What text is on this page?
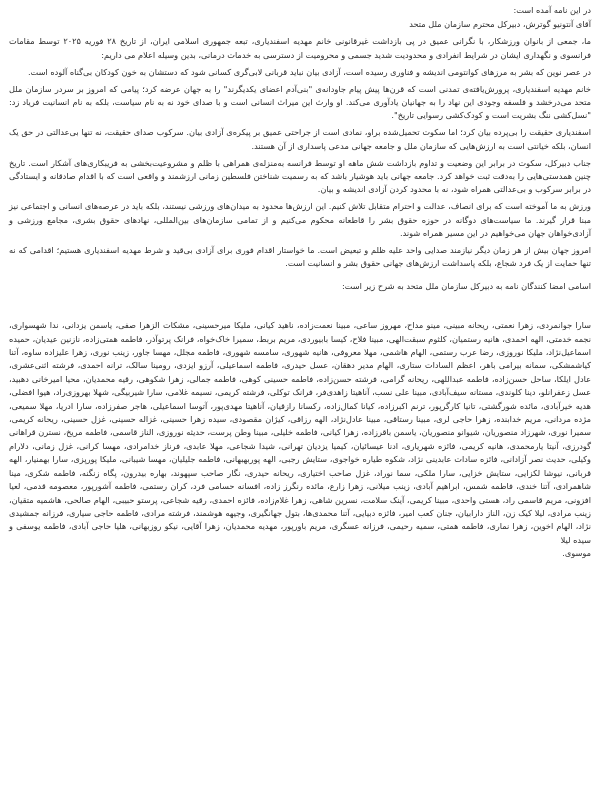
در این نامه آمده است:

آقای آنتونیو گوترش، دبیرکل محترم سازمان ملل متحد

ما، جمعی از بانوان ورزشکار، با نگرانی عمیق در پی بازداشت غیرقانونی خانم مهدیه اسفندیاری، تبعه جمهوری اسلامی ایران، از تاریخ ۲۸ فوریه ۲۰۲۵ توسط مقامات فرانسوی و نگهداری ایشان در شرایط انفرادی و محدودیت شدید جسمی و محرومیت از دسترسی به خدمات درمانی، بدین وسیله اعلام می داریم:

در عصر نوین که بشر به مرزهای کوانتومی اندیشه و فناوری رسیده است، آزادی بیان نباید قربانی لابی‌گری کسانی شود که دستشان به خون کودکان بی‌گناه آلوده است.

خانم مهدیه اسفندیاری، پرورش‌یافته‌ی تمدنی است که قرن‌ها پیش پیام جاودانه‌ی "بنی‌آدم اعضای یکدیگرند" را به جهان عرضه کرد؛ پیامی که امروز بر سردر سازمان ملل متحد می‌درخشد و فلسفه وجودی این نهاد را به جهانیان یادآوری می‌کند. او وارث این میراث انسانی است و با صدای خود نه به نام سیاست، بلکه به نام انسانیت فریاد زد: "نسل‌کشی ننگ بشریت است و کودک‌کشی رسوایی تاریخ".

اسفندیاری حقیقت را بی‌پرده بیان کرد؛ اما سکوت تحمیل‌شده براو، نمادی است از جراحتی عمیق بر پیکره‌ی آزادی بیان. سرکوب صدای حقیقت، نه تنها بی‌عدالتی در حق یک انسان، بلکه خیانتی است به ارزش‌هایی که سازمان ملل و جامعه جهانی مدعی پاسداری از آن هستند.

جناب دبیرکل، سکوت در برابر این وضعیت و تداوم بازداشت شش ماهه او توسط فرانسه به‌منزله‌ی همراهی با ظلم و مشروعیت‌بخشی به فریبکاری‌های آشکار است. تاریخ چنین همدستی‌هایی را به‌دقت ثبت خواهد کرد. جامعه جهانی باید هوشیار باشد که به رسمیت شناختن فلسطین زمانی ارزشمند و واقعی است که با اقدام صادقانه و ایستادگی در برابر سرکوب و بی‌عدالتی همراه شود، نه با محدود کردن آزادی اندیشه و بیان.

ورزش به ما آموخته است که برای انصاف، عدالت و احترام متقابل تلاش کنیم. این ارزش‌ها محدود به میدان‌های ورزشی نیستند، بلکه باید در عرصه‌های انسانی و اجتماعی نیز مبنا قرار گیرند. ما سیاست‌های دوگانه در حوزه حقوق بشر را قاطعانه محکوم می‌کنیم و از تمامی سازمان‌های بین‌المللی، نهادهای حقوق بشری، مجامع ورزشی و آزادی‌خواهان جهان می‌خواهیم در این مسیر همراه شوند.

امروز جهان بیش از هر زمان دیگر نیازمند صدایی واحد علیه ظلم و تبعیض است. ما خواستار اقدام فوری برای آزادی بی‌قید و شرط مهدیه اسفندیاری هستیم؛ اقدامی که نه تنها حمایت از یک فرد شجاع، بلکه پاسداشت ارزش‌های جهانی حقوق بشر و انسانیت است.

اسامی امضا کنندگان نامه به دبیرکل سازمان ملل متحد به شرح زیر است:

سارا جوانمردی، زهرا نعمتی، ریحانه مبینی، مینو مداح، مهروز ساعی، مبینا نعمت‌زاده، ناهید کیانی، ملیکا میرحسینی، مشکات الزهرا صفی، یاسمن یزدانی، ندا شهسواری، نجمه خدمتی، الهه احمدی، هانیه رستمیان، کلثوم سبقت‌الهی، مبینا فلاح، کیسا بابیوردی، مریم بربط، سمیرا خاک‌خواه، فرانک پرتوآذر، فاطمه همتی‌زاده، نازنین عیدیان، حمیده اسماعیل‌نژاد، ملیکا نوروزی، رضا عرب رستمی، الهام هاشمی، مهلا معروفی، هانیه شهوری، سامسه شهوری، فاطمه مجلل، مهسا جاور، زینب نوری، زهرا علیزاده ساوه، آتنا کیاشمشکی، سمانه بیرامی باهر، اعظم السادات ستاری، الهام مدیر دهقان، عسل حیدری، فاطمه اسماعیلی، آرزو ایزدی، رومینا سالک، ترانه احمدی، فرشته اثنی‌عشری، عادل ایلکا، ساحل حسن‌زاده، فاطمه عبداللهی، ریحانه گرامی، فرشته حسن‌زاده، فاطمه حسینی کوهی، فاطمه جمالی، زهرا شکوهی، رقیه محمدیان، محیا امیرخانی دهبید، عسل زعفرانلو، دینا کلوندی، مستانه سیف‌آبادی، مبینا علی نسب، آناهیتا زاهدی‌فر، فرانک توکلی، فرشته کریمی، نسیمه غلامی، سارا شیربیگی، شهلا بهروزی‌راد، هیوا افضلی، هدیه خیرآبادی، مائده شورگشتی، تانیا کارگرپور، ترنم اکبرزاده، کیانا کمال‌زاده، رکسانا رازقیان، آناهیتا مهدی‌پور، آتوسا اسماعیلی، هاجر صفرزاده، سارا ادریا، مهلا سمیعی، مژده مردانی، مریم خدابنده، زهرا حاجی لری، مبینا رستاقی، مبینا عادل‌نژاد، الهه رزاقی، کیژان مقصودی، سیده زهرا حسینی، غزاله حسینی، غزل حسینی، ریحانه کریمی، سمیرا نوری، شهرزاد منصوریان، شیوانو منصوریان، یاسمن باقرزاده، زهرا کیانی، فاطمه خلیلی، مبینا وطن پرست، حدیثه نوروزی، الناز قاسمی، فاطمه مریخ، نسترن قراهانی گودرزی، آنیتا یارمحمدی، هانیه کریمی، فائزه شهریاری، ادنا عیسائیان، کیمیا یزدیان تهرانی، شیدا شجاعی، مهلا عابدی، فرناز خدامرادی، مهسا کرانی، غزل زمانی، دلارام وکیلی، حدیث نصر آزادانی، فائزه سادات عابدینی نژاد، شکوه طیاره خواجوی، ستایش رجبی، الهه پوربهبهانی، فاطمه جلیلیان، مهسا شیبانی، ملیکا پورپزی، سارا بهمنیار، الهه قربانی، نیوشا لکزایی، ستایش خزایی، سارا ملکی، سما نوراد، غزل صاحب اختیاری، ریحانه حیدری، نگار صاحب سپهوند، بهاره بیدرون، پگاه زنگنه، فاطمه شکری، مینا شاهمرادی، آتنا خندی، فاطمه شمس، ابراهیم آبادی، زینب میلانی، زهرا زارع، مائده رنگرز زاده، افسانه حسامی فرد، کران رستمی، فاطمه آشورپور، معصومه قدمی، لعیا افزونی، مریم قاسمی راد، هستی واحدی، مبینا کریمی، آینک سلامت، نسرین شاهی، زهرا غلام‌زاده، فائزه احمدی، رقیه شجاعی، پرستو حبیبی، الهام صالحی، هاشمیه متقیان، زینب مرادی، لیلا کیک زن، الناز دارابیان، جنان کعب امیر، فائزه دبیایی، آتنا محمدی‌ها، بتول جهانگیری، وجیهه هوشمند، فرشته مرادی، فاطمه حاجی سیاری، فرزانه جمشیدی نژاد، الهام اخوین، زهرا نماری، فاطمه همتی، سمیه رحیمی، فرزانه عسگری، مریم باورپور، مهدیه محمدیان، زهرا آقایی، نیکو روزبهانی، هلیا حاجی آبادی، فاطمه یوسفی و سیده لیلا

موسوی.
